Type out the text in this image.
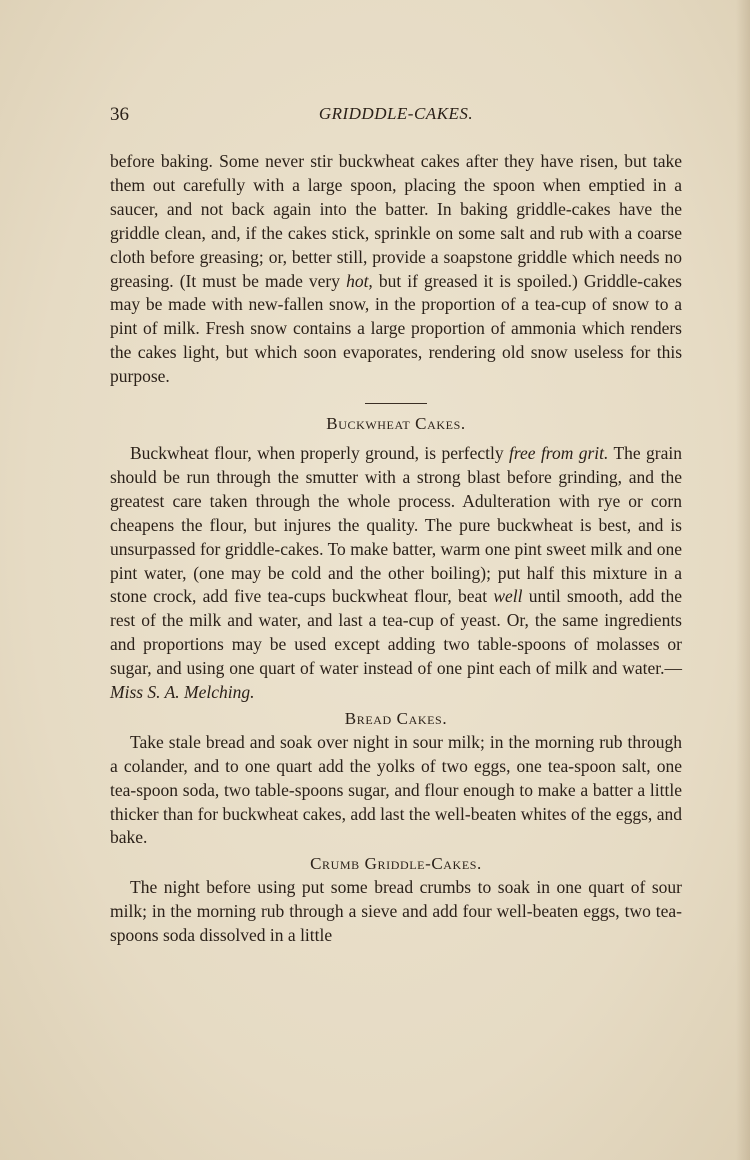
36	GRIDDDLE-CAKES.

before baking. Some never stir buckwheat cakes after they have risen, but take them out carefully with a large spoon, placing the spoon when emptied in a saucer, and not back again into the batter. In baking griddle-cakes have the griddle clean, and, if the cakes stick, sprinkle on some salt and rub with a coarse cloth before greasing; or, better still, provide a soapstone griddle which needs no greasing. (It must be made very hot, but if greased it is spoiled.) Griddle-cakes may be made with new-fallen snow, in the proportion of a tea-cup of snow to a pint of milk. Fresh snow contains a large proportion of ammonia which renders the cakes light, but which soon evaporates, rendering old snow useless for this purpose.

Buckwheat Cakes.

Buckwheat flour, when properly ground, is perfectly free from grit. The grain should be run through the smutter with a strong blast before grinding, and the greatest care taken through the whole process. Adulteration with rye or corn cheapens the flour, but injures the quality. The pure buckwheat is best, and is unsurpassed for griddle-cakes. To make batter, warm one pint sweet milk and one pint water, (one may be cold and the other boiling); put half this mixture in a stone crock, add five tea-cups buckwheat flour, beat well until smooth, add the rest of the milk and water, and last a tea-cup of yeast. Or, the same ingredients and proportions may be used except adding two table-spoons of molasses or sugar, and using one quart of water instead of one pint each of milk and water.—Miss S. A. Melching.

Bread Cakes.

Take stale bread and soak over night in sour milk; in the morning rub through a colander, and to one quart add the yolks of two eggs, one tea-spoon salt, one tea-spoon soda, two table-spoons sugar, and flour enough to make a batter a little thicker than for buckwheat cakes, add last the well-beaten whites of the eggs, and bake.

Crumb Griddle-Cakes.

The night before using put some bread crumbs to soak in one quart of sour milk; in the morning rub through a sieve and add four well-beaten eggs, two tea-spoons soda dissolved in a little
